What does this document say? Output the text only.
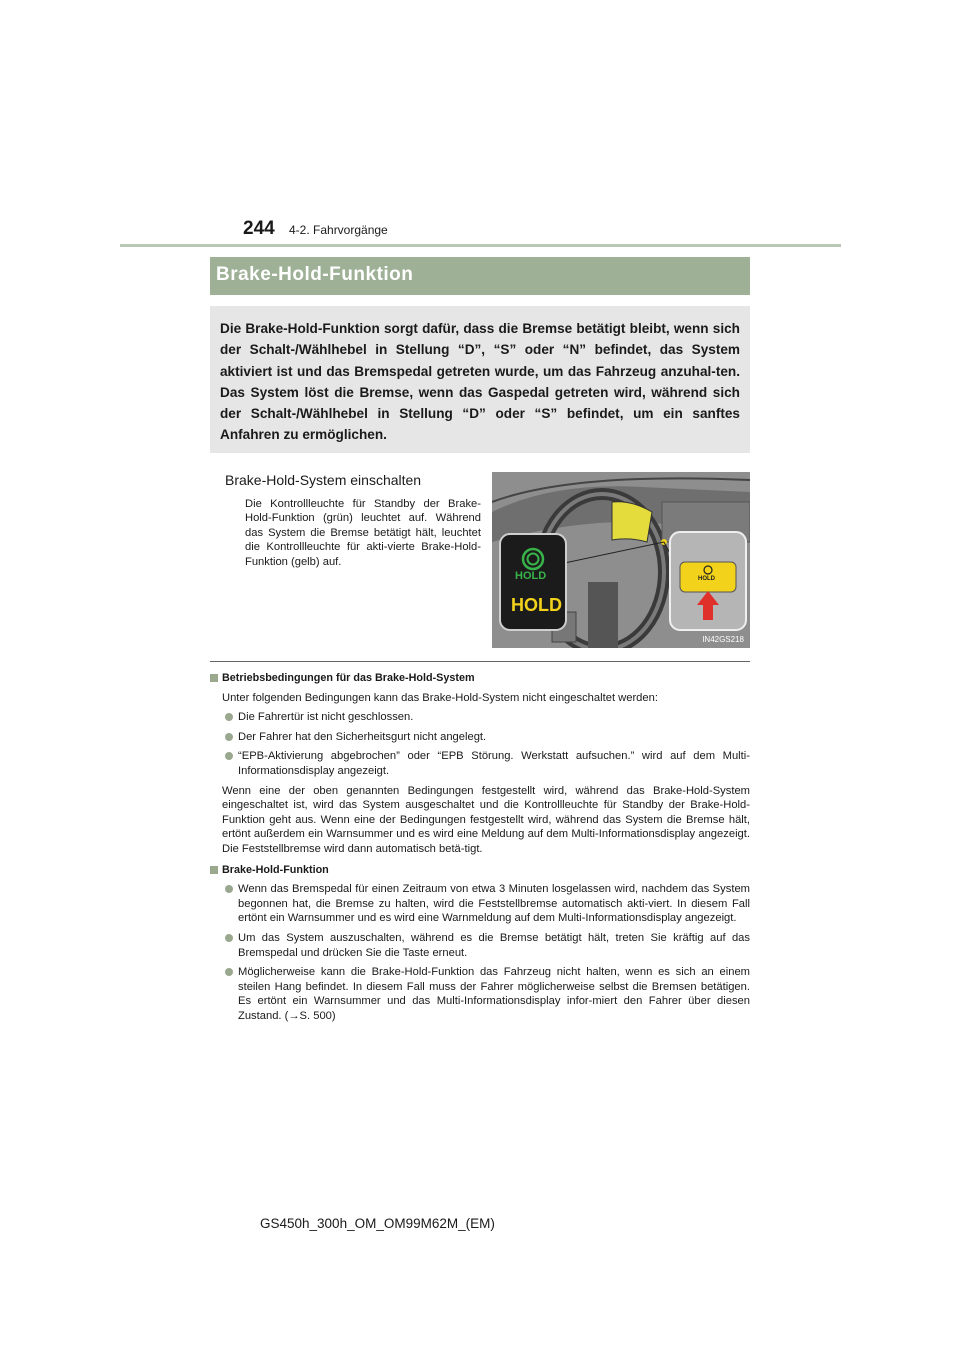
244 4-2. Fahrvorgänge
Brake-Hold-Funktion
Die Brake-Hold-Funktion sorgt dafür, dass die Bremse betätigt bleibt, wenn sich der Schalt-/Wählhebel in Stellung “D”, “S” oder “N” befindet, das System aktiviert ist und das Bremspedal getreten wurde, um das Fahrzeug anzuhal-ten. Das System löst die Bremse, wenn das Gaspedal getreten wird, während sich der Schalt-/Wählhebel in Stellung “D” oder “S” befindet, um ein sanftes Anfahren zu ermöglichen.
Brake-Hold-System einschalten
Die Kontrollleuchte für Standby der Brake-Hold-Funktion (grün) leuchtet auf. Während das System die Bremse betätigt hält, leuchtet die Kontrollleuchte für akti-vierte Brake-Hold-Funktion (gelb) auf.
HOLD
HOLD
HOLD
IN42GS218
Betriebsbedingungen für das Brake-Hold-System
Unter folgenden Bedingungen kann das Brake-Hold-System nicht eingeschaltet werden:
Die Fahrertür ist nicht geschlossen.
Der Fahrer hat den Sicherheitsgurt nicht angelegt.
“EPB-Aktivierung abgebrochen” oder “EPB Störung. Werkstatt aufsuchen.” wird auf dem Multi-Informationsdisplay angezeigt.
Wenn eine der oben genannten Bedingungen festgestellt wird, während das Brake-Hold-System eingeschaltet ist, wird das System ausgeschaltet und die Kontrollleuchte für Standby der Brake-Hold-Funktion geht aus. Wenn eine der Bedingungen festgestellt wird, während das System die Bremse hält, ertönt außerdem ein Warnsummer und es wird eine Meldung auf dem Multi-Informationsdisplay angezeigt. Die Feststellbremse wird dann automatisch betä-tigt.
Brake-Hold-Funktion
Wenn das Bremspedal für einen Zeitraum von etwa 3 Minuten losgelassen wird, nachdem das System begonnen hat, die Bremse zu halten, wird die Feststellbremse automatisch akti-viert. In diesem Fall ertönt ein Warnsummer und es wird eine Warnmeldung auf dem Multi-Informationsdisplay angezeigt.
Um das System auszuschalten, während es die Bremse betätigt hält, treten Sie kräftig auf das Bremspedal und drücken Sie die Taste erneut.
Möglicherweise kann die Brake-Hold-Funktion das Fahrzeug nicht halten, wenn es sich an einem steilen Hang befindet. In diesem Fall muss der Fahrer möglicherweise selbst die Bremsen betätigen. Es ertönt ein Warnsummer und das Multi-Informationsdisplay infor-miert den Fahrer über diesen Zustand. (→S. 500)
GS450h_300h_OM_OM99M62M_(EM)
